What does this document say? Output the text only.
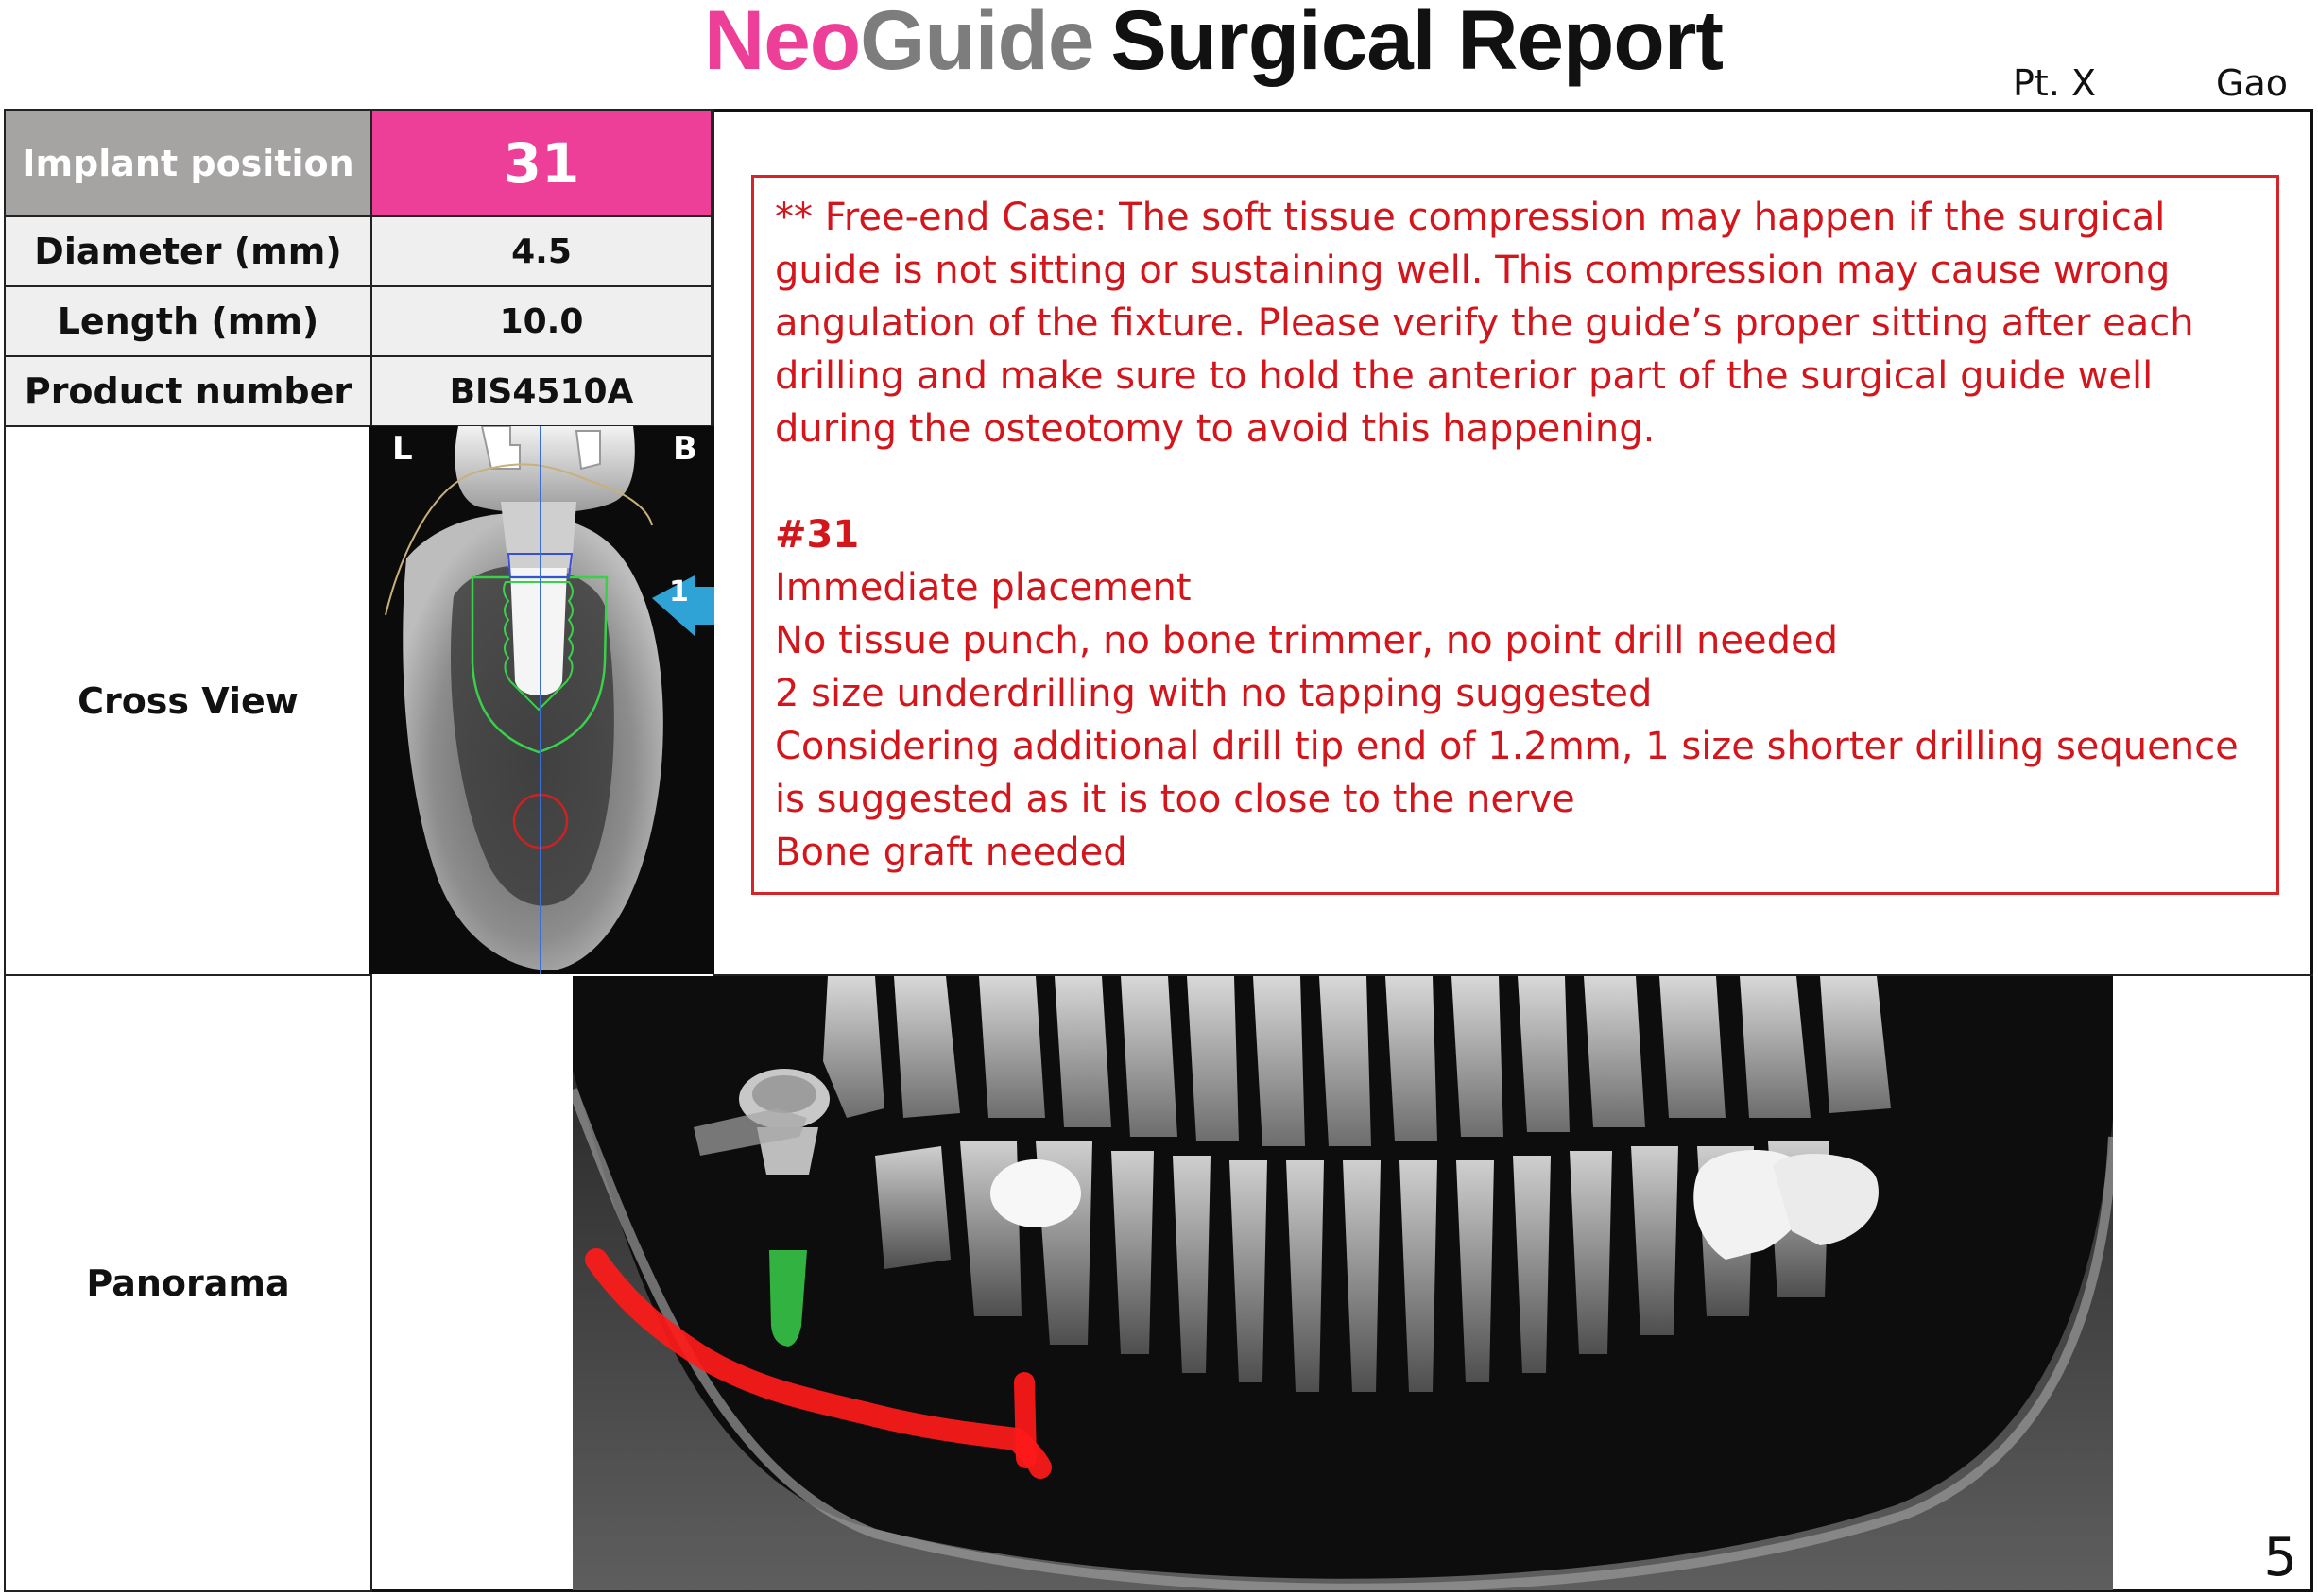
NeoGuide Surgical Report	Pt. X	Gao
Implant position	31
Diameter (mm)	4.5
Length (mm)	10.0
Product number	BIS4510A
Cross View
Panorama

** Free-end Case: The soft tissue compression may happen if the surgical guide is not sitting or sustaining well. This compression may cause wrong angulation of the fixture. Please verify the guide’s proper sitting after each drilling and make sure to hold the anterior part of the surgical guide well during the osteotomy to avoid this happening.

#31

Immediate placement

No tissue punch, no bone trimmer, no point drill needed

2 size underdrilling with no tapping suggested

Considering additional drill tip end of 1.2mm, 1 size shorter drilling sequence is suggested as it is too close to the nerve

Bone graft needed

L	B
1
5
